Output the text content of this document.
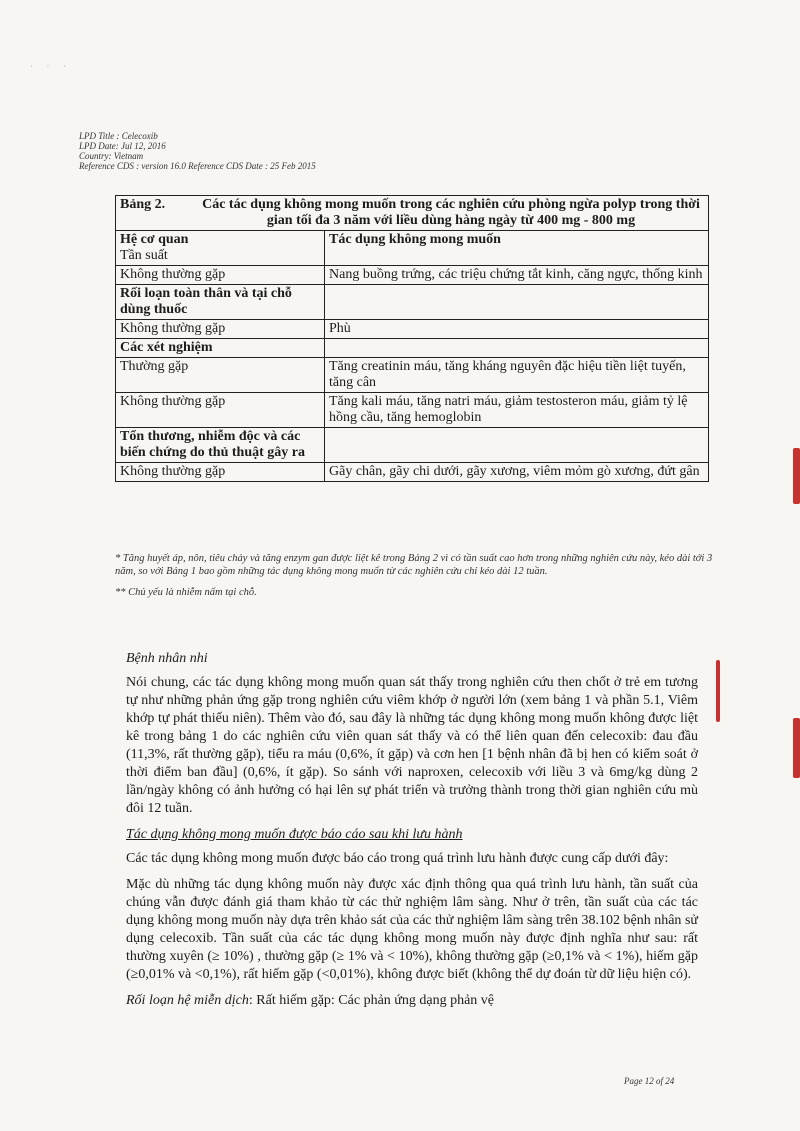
· · ·
LPD Title : Celecoxib
LPD Date: Jul 12, 2016
Country: Vietnam
Reference CDS : version 16.0 Reference CDS Date : 25 Feb 2015
Bảng 2. Các tác dụng không mong muốn trong các nghiên cứu phòng ngừa polyp trong thời gian tối đa 3 năm với liều dùng hàng ngày từ 400 mg - 800 mg	

Hệ cơ quan
Tần suất	Tác dụng không mong muốn
Không thường gặp	Nang buồng trứng, các triệu chứng tắt kinh, căng ngực, thống kinh
Rối loạn toàn thân và tại chỗ dùng thuốc	
Không thường gặp	Phù
Các xét nghiệm	
Thường gặp	Tăng creatinin máu, tăng kháng nguyên đặc hiệu tiền liệt tuyến, tăng cân
Không thường gặp	Tăng kali máu, tăng natri máu, giảm testosteron máu, giảm tỷ lệ hồng cầu, tăng hemoglobin
Tổn thương, nhiễm độc và các biến chứng do thủ thuật gây ra	
Không thường gặp	Gãy chân, gãy chi dưới, gãy xương, viêm mỏm gò xương, đứt gân

* Tăng huyết áp, nôn, tiêu chảy và tăng enzym gan được liệt kê trong Bảng 2 vì có tần suất cao hơn trong những nghiên cứu này, kéo dài tới 3 năm, so với Bảng 1 bao gồm những tác dụng không mong muốn từ các nghiên cứu chỉ kéo dài 12 tuần.

** Chủ yếu là nhiễm nấm tại chỗ.

Bệnh nhân nhi

Nói chung, các tác dụng không mong muốn quan sát thấy trong nghiên cứu then chốt ở trẻ em tương tự như những phản ứng gặp trong nghiên cứu viêm khớp ở người lớn (xem bảng 1 và phần 5.1, Viêm khớp tự phát thiếu niên). Thêm vào đó, sau đây là những tác dụng không mong muốn không được liệt kê trong bảng 1 do các nghiên cứu viên quan sát thấy và có thể liên quan đến celecoxib: đau đầu (11,3%, rất thường gặp), tiểu ra máu (0,6%, ít gặp) và cơn hen [1 bệnh nhân đã bị hen có kiểm soát ở thời điểm ban đầu] (0,6%, ít gặp). So sánh với naproxen, celecoxib với liều 3 và 6mg/kg dùng 2 lần/ngày không có ảnh hưởng có hại lên sự phát triển và trưởng thành trong thời gian nghiên cứu mù đôi 12 tuần.

Tác dụng không mong muốn được báo cáo sau khi lưu hành

Các tác dụng không mong muốn được báo cáo trong quá trình lưu hành được cung cấp dưới đây:

Mặc dù những tác dụng không muốn này được xác định thông qua quá trình lưu hành, tần suất của chúng vẫn được đánh giá tham khảo từ các thử nghiệm lâm sàng. Như ở trên, tần suất của các tác dụng không mong muốn này dựa trên khảo sát của các thử nghiệm lâm sàng trên 38.102 bệnh nhân sử dụng celecoxib. Tần suất của các tác dụng không mong muốn này được định nghĩa như sau: rất thường xuyên (≥ 10%) , thường gặp (≥ 1% và < 10%), không thường gặp (≥0,1% và < 1%), hiếm gặp (≥0,01% và <0,1%), rất hiếm gặp (<0,01%), không được biết (không thể dự đoán từ dữ liệu hiện có).

Rối loạn hệ miễn dịch: Rất hiếm gặp: Các phản ứng dạng phản vệ

Page 12 of 24
